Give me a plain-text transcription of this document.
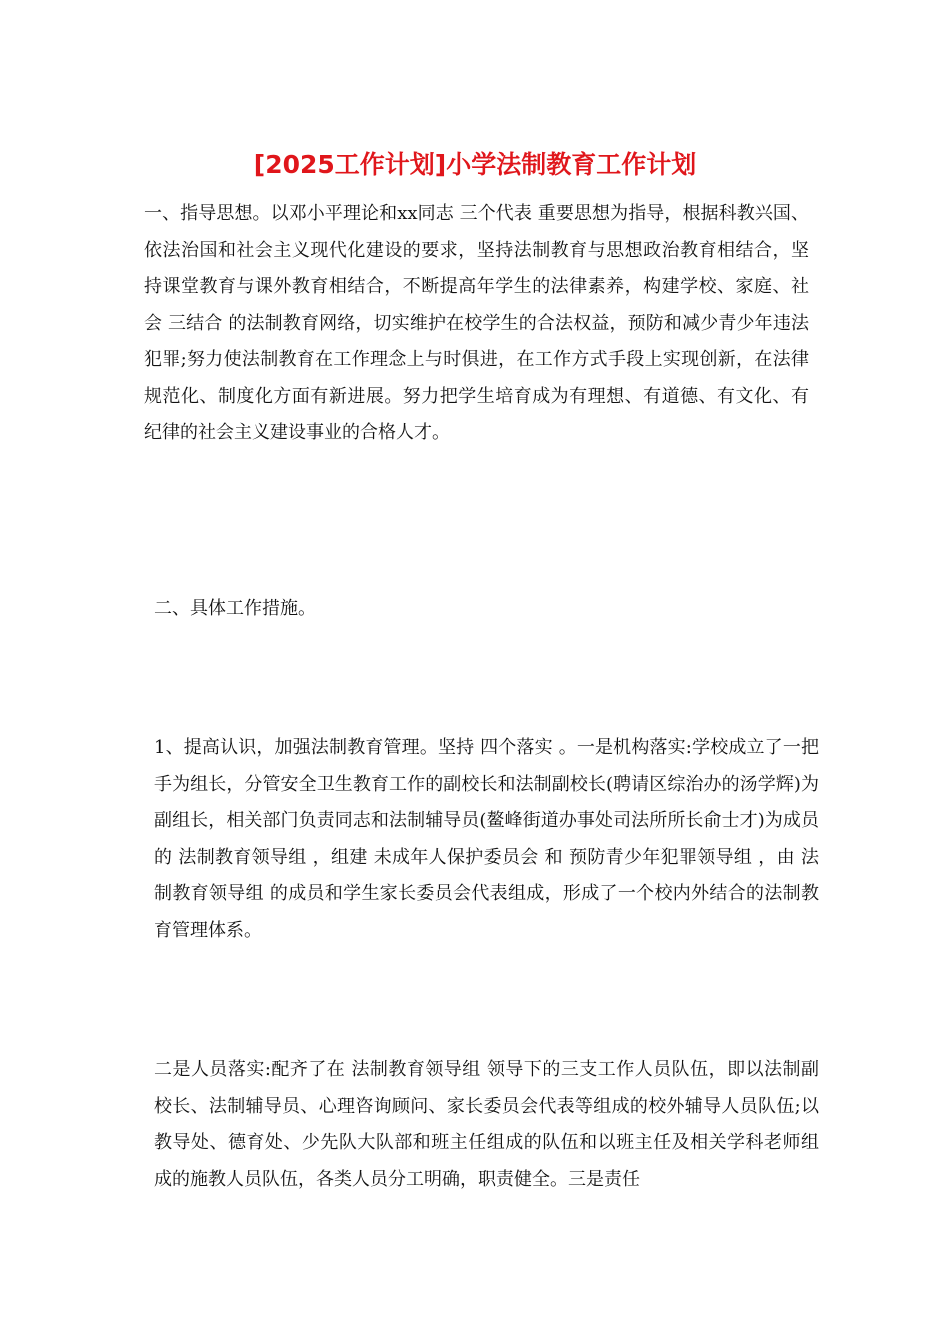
[2025工作计划]小学法制教育工作计划

一、指导思想。以邓小平理论和xx同志 三个代表 重要思想为指导，根据科教兴国、依法治国和社会主义现代化建设的要求，坚持法制教育与思想政治教育相结合，坚持课堂教育与课外教育相结合，不断提高年学生的法律素养，构建学校、家庭、社会 三结合 的法制教育网络，切实维护在校学生的合法权益，预防和减少青少年违法犯罪;努力使法制教育在工作理念上与时俱进，在工作方式手段上实现创新，在法律规范化、制度化方面有新进展。努力把学生培育成为有理想、有道德、有文化、有纪律的社会主义建设事业的合格人才。

二、具体工作措施。

1、提高认识，加强法制教育管理。坚持 四个落实 。一是机构落实:学校成立了一把手为组长，分管安全卫生教育工作的副校长和法制副校长(聘请区综治办的汤学辉)为副组长，相关部门负责同志和法制辅导员(鳌峰街道办事处司法所所长俞士才)为成员的 法制教育领导组 ，组建 未成年人保护委员会 和 预防青少年犯罪领导组 ，由 法制教育领导组 的成员和学生家长委员会代表组成，形成了一个校内外结合的法制教育管理体系。

二是人员落实:配齐了在 法制教育领导组 领导下的三支工作人员队伍，即以法制副校长、法制辅导员、心理咨询顾问、家长委员会代表等组成的校外辅导人员队伍;以教导处、德育处、少先队大队部和班主任组成的队伍和以班主任及相关学科老师组成的施教人员队伍，各类人员分工明确，职责健全。三是责任
